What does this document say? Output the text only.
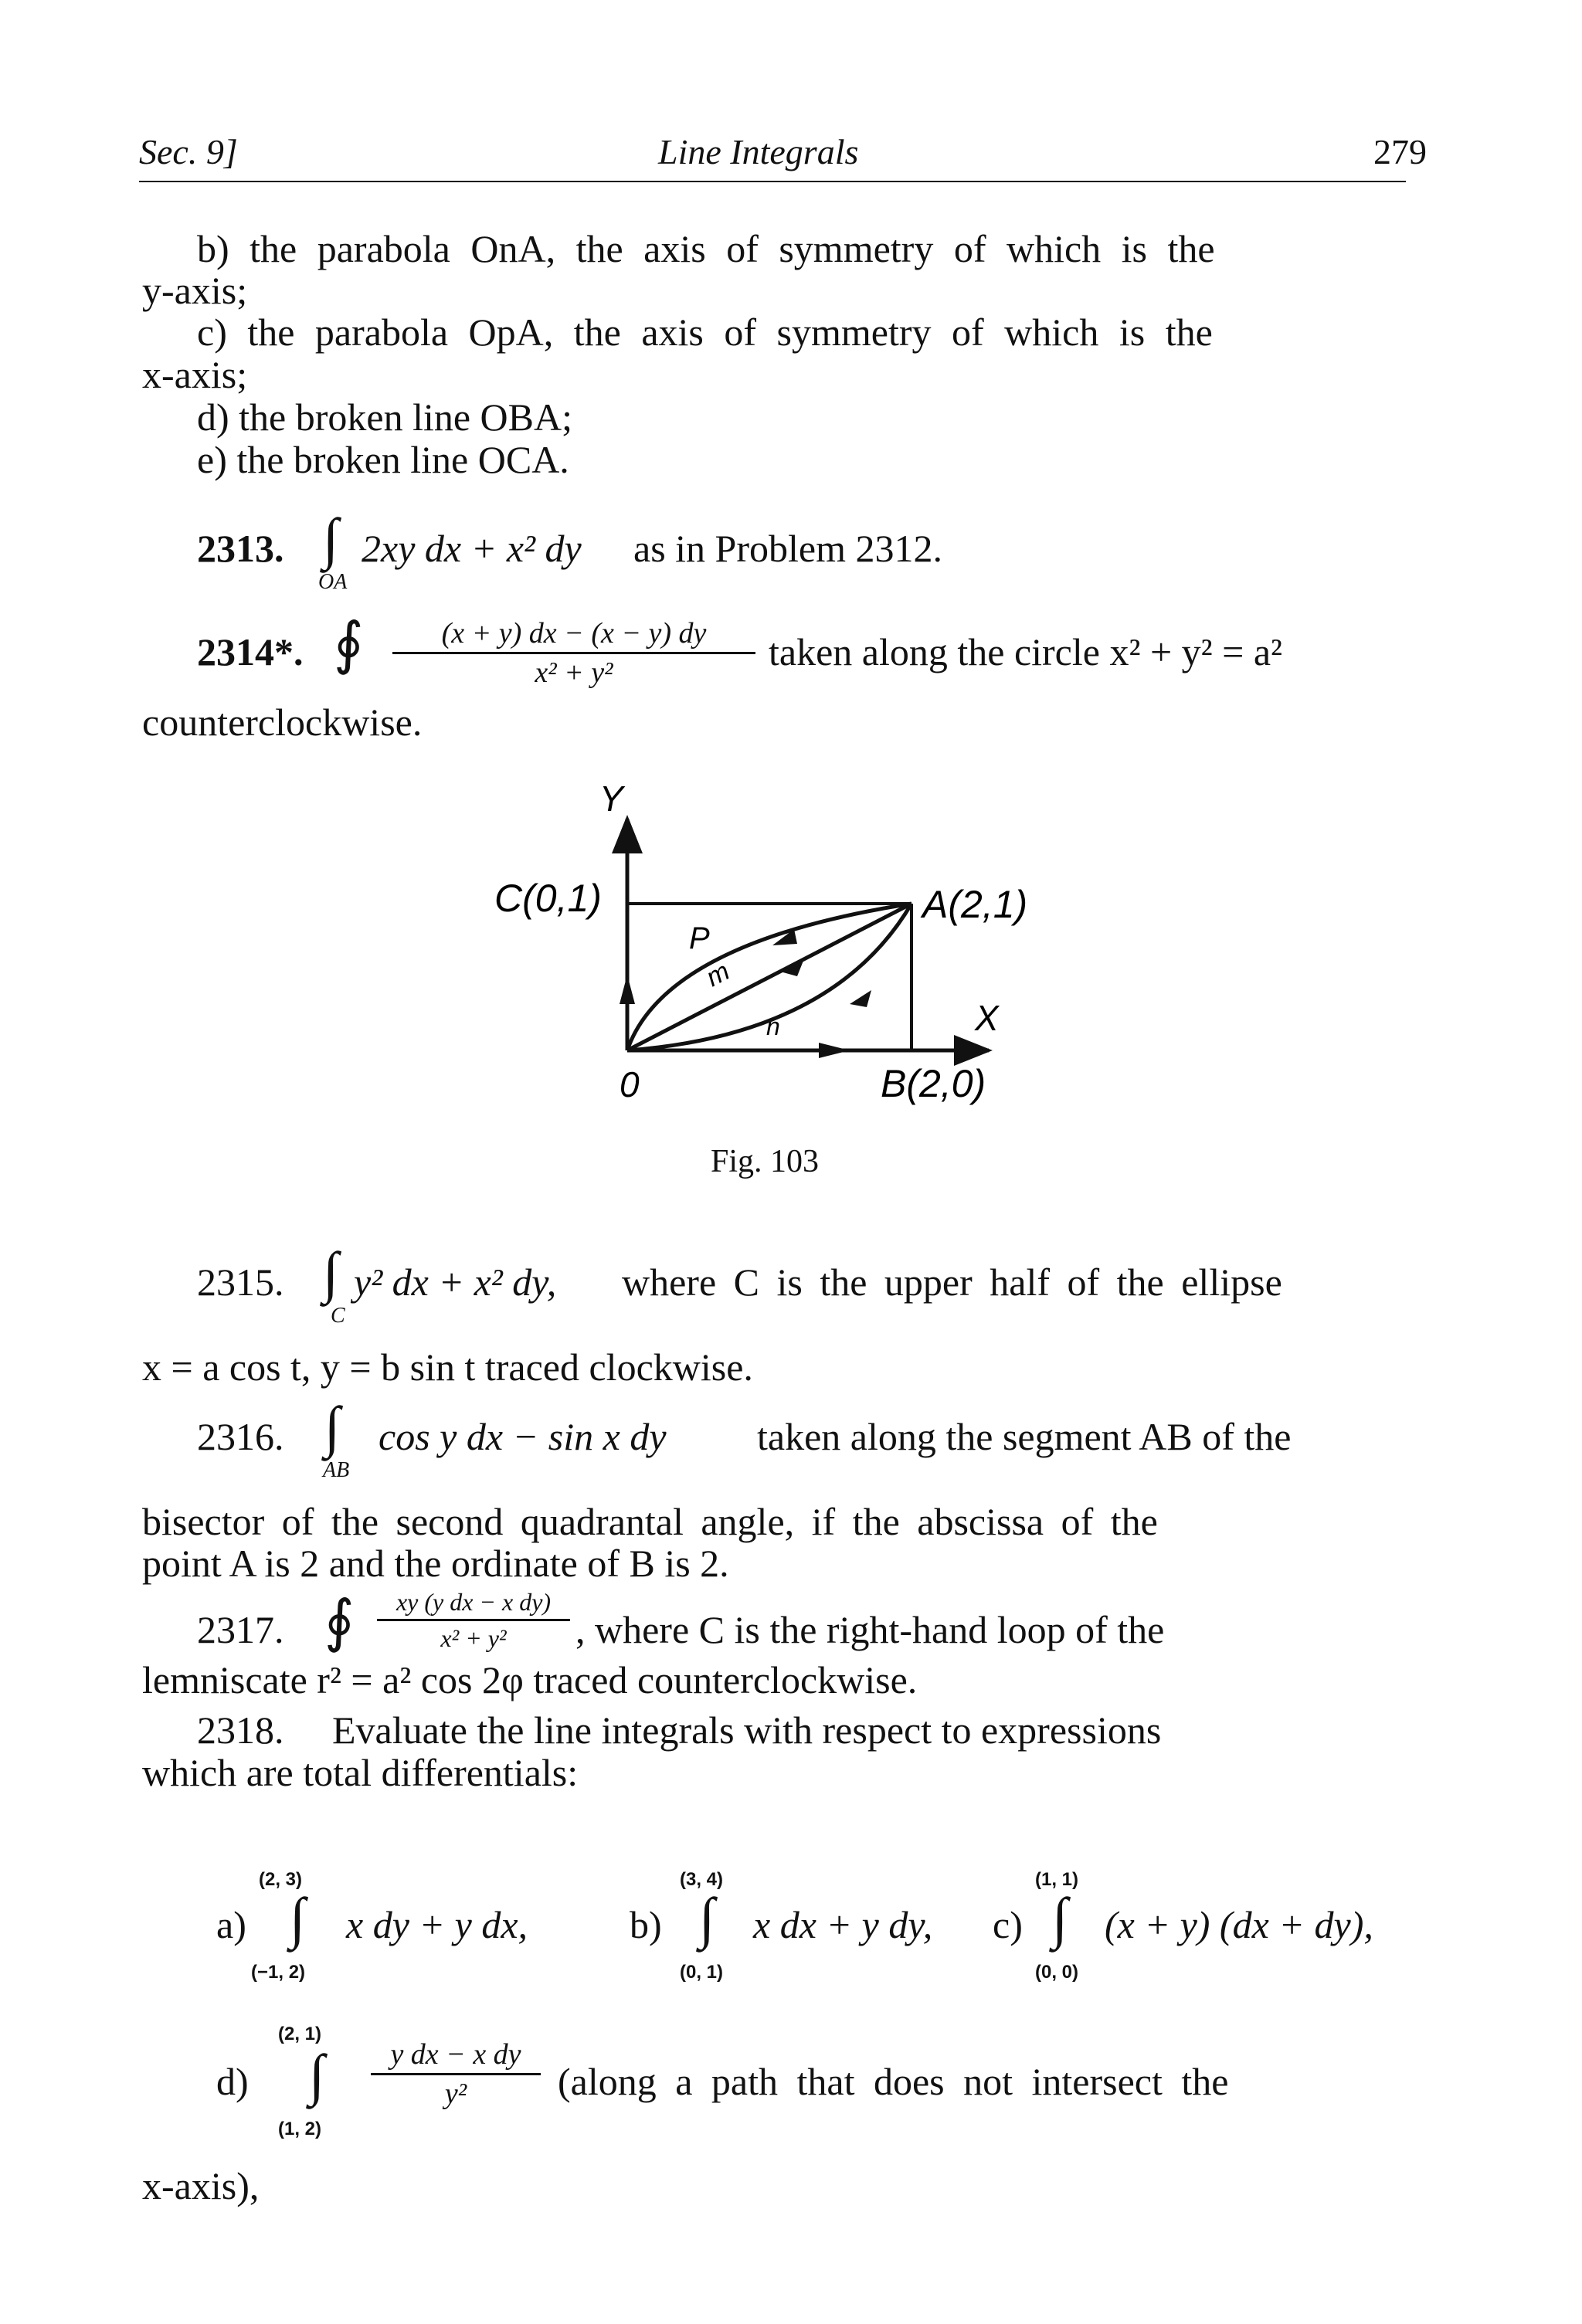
Sec. 9]	Line Integrals	279
b) the parabola OnA, the axis of symmetry of which is the
y-axis;
c) the parabola OpA, the axis of symmetry of which is the
x-axis;
d) the broken line OBA;
e) the broken line OCA.
2313. ∫
OA
2xy dx + x² dy as in Problem 2312.
2314*. ∮	(x + y) dx − (x − y) dy
x² + y²	taken along the circle x² + y² = a²
counterclockwise.
Y
C(0,1)	A(2,1)
P
m
n	X
0	B(2,0)
Fig. 103
2315. ∫
C
y² dx + x² dy, where C is the upper half of the ellipse
x = a cos t, y = b sin t traced clockwise.
2316. ∫
AB
cos y dx − sin x dy taken along the segment AB of the
bisector of the second quadrantal angle, if the abscissa of the
point A is 2 and the ordinate of B is 2.
2317. ∮	xy (y dx − x dy)
x² + y²	, where C is the right-hand loop of the
lemniscate r² = a² cos 2φ traced counterclockwise.
2318. Evaluate the line integrals with respect to expressions
which are total differentials:
(2, 3)
a) ∫
(−1, 2)
x dy + y dx,
(3, 4)
b) ∫
(0, 1)
x dx + y dy,
(1, 1)
c) ∫
(0, 0)
(x + y) (dx + dy),
(2, 1)
d) ∫
(1, 2)
y dx − x dy
y²	(along a path that does not intersect the
x-axis),
